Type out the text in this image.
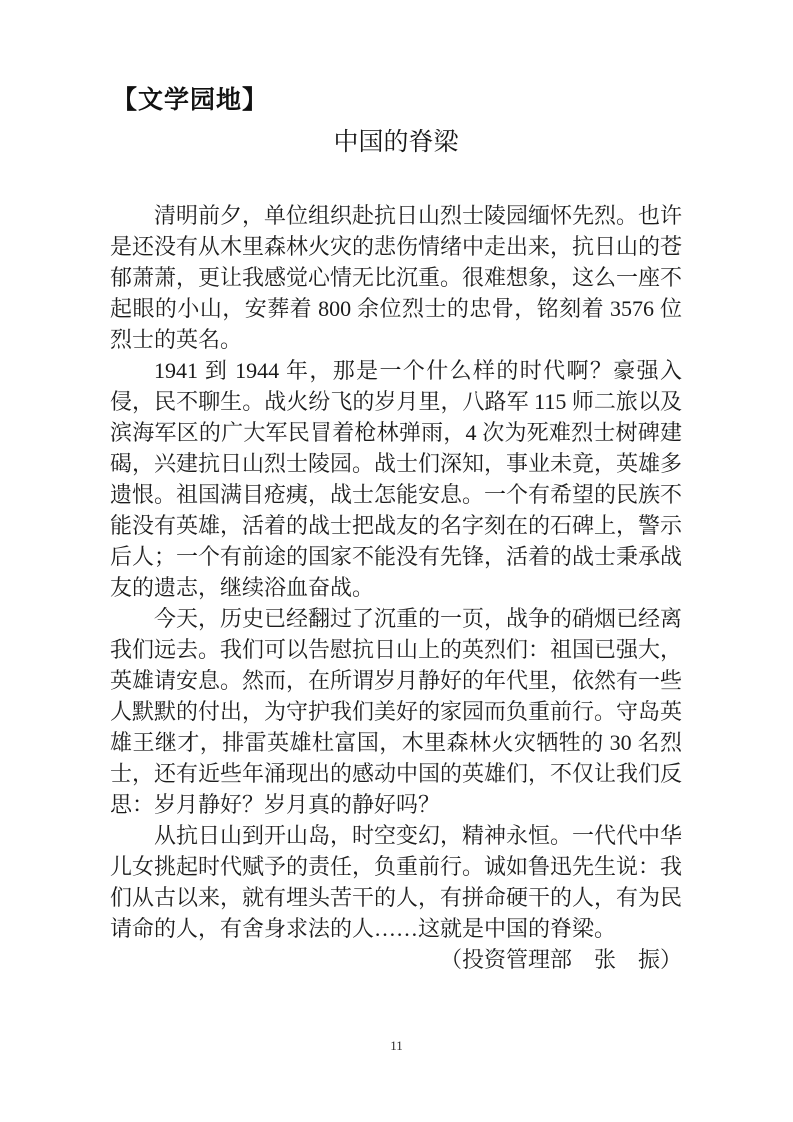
【文学园地】
中国的脊梁

清明前夕，单位组织赴抗日山烈士陵园缅怀先烈。也许是还没有从木里森林火灾的悲伤情绪中走出来，抗日山的苍郁萧萧，更让我感觉心情无比沉重。很难想象，这么一座不起眼的小山，安葬着 800 余位烈士的忠骨，铭刻着 3576 位烈士的英名。

1941 到 1944 年，那是一个什么样的时代啊？豪强入侵，民不聊生。战火纷飞的岁月里，八路军 115 师二旅以及滨海军区的广大军民冒着枪林弹雨，4 次为死难烈士树碑建碣，兴建抗日山烈士陵园。战士们深知，事业未竟，英雄多遗恨。祖国满目疮痍，战士怎能安息。一个有希望的民族不能没有英雄，活着的战士把战友的名字刻在的石碑上，警示后人；一个有前途的国家不能没有先锋，活着的战士秉承战友的遗志，继续浴血奋战。

今天，历史已经翻过了沉重的一页，战争的硝烟已经离我们远去。我们可以告慰抗日山上的英烈们：祖国已强大，英雄请安息。然而，在所谓岁月静好的年代里，依然有一些人默默的付出，为守护我们美好的家园而负重前行。守岛英雄王继才，排雷英雄杜富国，木里森林火灾牺牲的 30 名烈士，还有近些年涌现出的感动中国的英雄们，不仅让我们反思：岁月静好？岁月真的静好吗？

从抗日山到开山岛，时空变幻，精神永恒。一代代中华儿女挑起时代赋予的责任，负重前行。诚如鲁迅先生说：我们从古以来，就有埋头苦干的人，有拼命硬干的人，有为民请命的人，有舍身求法的人……这就是中国的脊梁。

（投资管理部　张　振）

11
